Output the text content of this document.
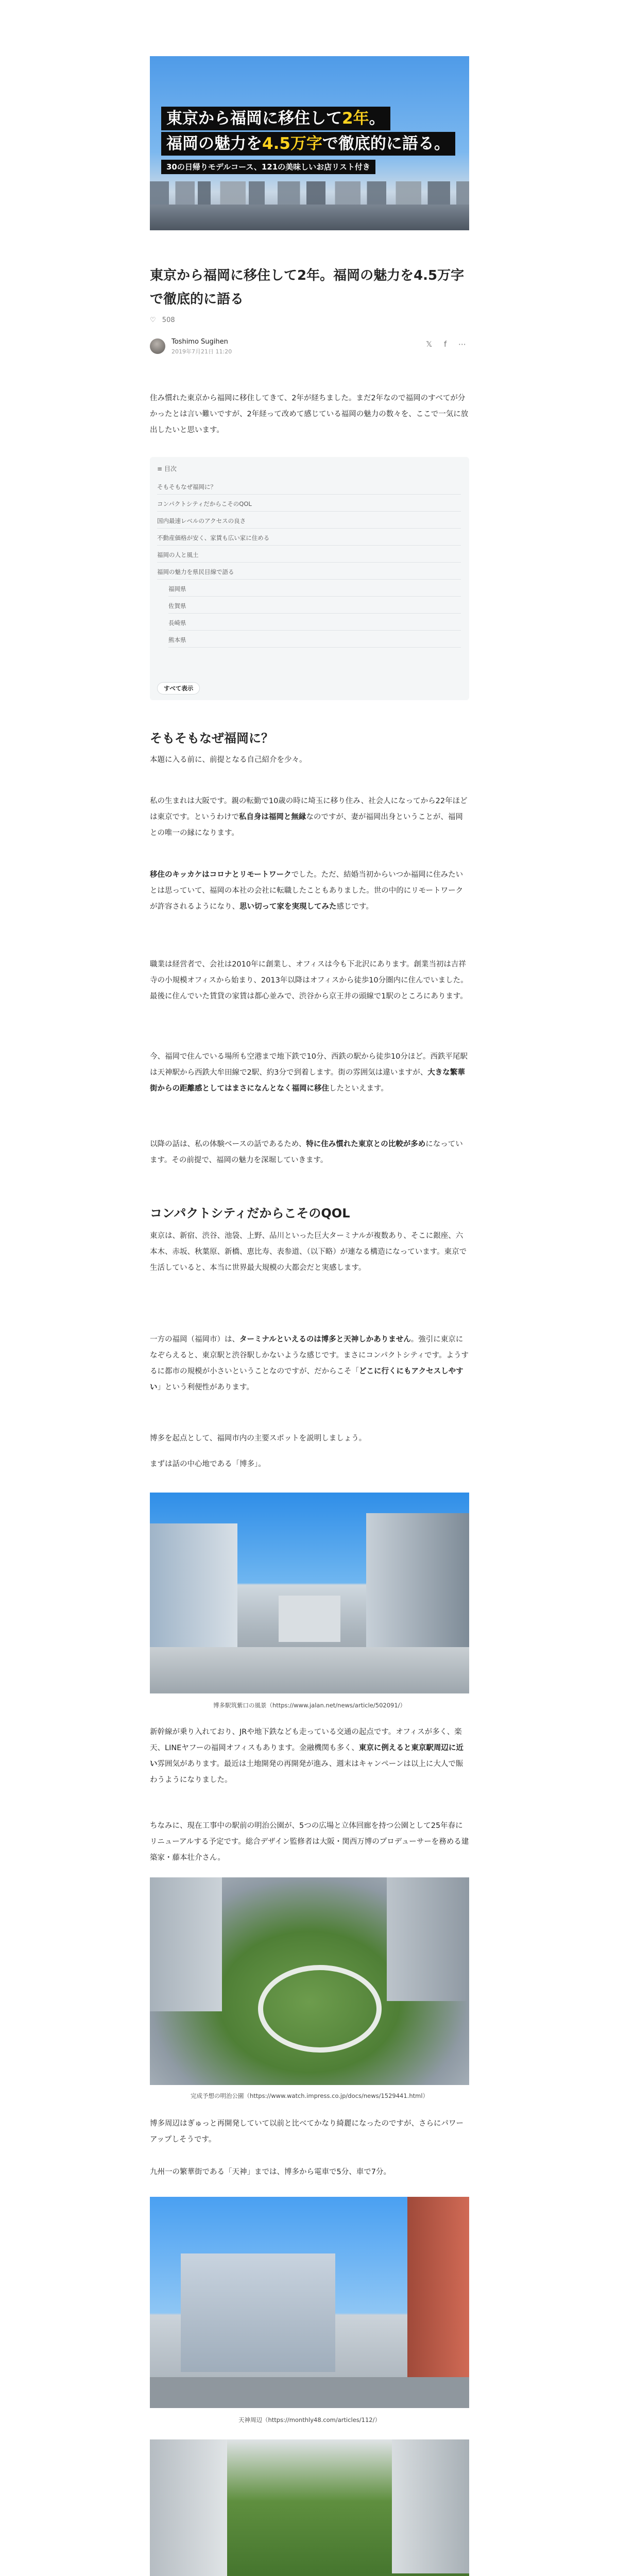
東京から福岡に移住して2年。
福岡の魅力を4.5万字で徹底的に語る。
30の日帰りモデルコース、121の美味しいお店リスト付き
東京から福岡に移住して2年。福岡の魅力を4.5万字で徹底的に語る
♡ 508
Toshimo Sugihen
2019年7月21日 11:20
𝕏 f ⋯

住み慣れた東京から福岡に移住してきて、2年が経ちました。まだ2年なので福岡のすべてが分かったとは言い難いですが、2年経って改めて感じている福岡の魅力の数々を、ここで一気に放出したいと思います。

≡ 目次
そもそもなぜ福岡に？
コンパクトシティだからこそのQOL
国内最速レベルのアクセスの良さ
不動産価格が安く、家賃も広い家に住める
福岡の人と風土
福岡の魅力を県民目線で語る
福岡県
佐賀県
長崎県
熊本県
すべて表示
そもそもなぜ福岡に？

本題に入る前に、前提となる自己紹介を少々。

私の生まれは大阪です。親の転勤で10歳の時に埼玉に移り住み、社会人になってから22年ほどは東京です。というわけで私自身は福岡と無縁なのですが、妻が福岡出身ということが、福岡との唯一の縁になります。

移住のキッカケはコロナとリモートワークでした。ただ、結婚当初からいつか福岡に住みたいとは思っていて、福岡の本社の会社に転職したこともありました。世の中的にリモートワークが許容されるようになり、思い切って家を実現してみた感じです。

職業は経営者で、会社は2010年に創業し、オフィスは今も下北沢にあります。創業当初は吉祥寺の小規模オフィスから始まり、2013年以降はオフィスから徒歩10分圏内に住んでいました。最後に住んでいた賃貸の家賃は都心並みで、渋谷から京王井の頭線で1駅のところにあります。

今、福岡で住んでいる場所も空港まで地下鉄で10分、西鉄の駅から徒歩10分ほど。西鉄平尾駅は天神駅から西鉄大牟田線で2駅、約3分で到着します。街の雰囲気は違いますが、大きな繁華街からの距離感としてはまさになんとなく福岡に移住したといえます。

以降の話は、私の体験ベースの話であるため、特に住み慣れた東京との比較が多めになっています。その前提で、福岡の魅力を深堀していきます。

コンパクトシティだからこそのQOL

東京は、新宿、渋谷、池袋、上野、品川といった巨大ターミナルが複数あり、そこに銀座、六本木、赤坂、秋葉原、新橋、恵比寿、表参道、（以下略）が連なる構造になっています。東京で生活していると、本当に世界最大規模の大都会だと実感します。

一方の福岡（福岡市）は、ターミナルといえるのは博多と天神しかありません。強引に東京になぞらえると、東京駅と渋谷駅しかないような感じです。まさにコンパクトシティです。ようするに都市の規模が小さいということなのですが、だからこそ「どこに行くにもアクセスしやすい」という利便性があります。

博多を起点として、福岡市内の主要スポットを説明しましょう。

まずは話の中心地である「博多」。

博多駅筑紫口の風景（https://www.jalan.net/news/article/502091/）

新幹線が乗り入れており、JRや地下鉄なども走っている交通の起点です。オフィスが多く、楽天、LINEヤフーの福岡オフィスもあります。金融機関も多く、東京に例えると東京駅周辺に近い雰囲気があります。最近は土地開発の再開発が進み、週末はキャンペーンは以上に大人で賑わうようになりました。

ちなみに、現在工事中の駅前の明治公園が、5つの広場と立体回廊を持つ公園として25年春にリニューアルする予定です。総合デザイン監修者は大阪・関西万博のプロデューサーを務める建築家・藤本壮介さん。

完成予想の明治公園（https://www.watch.impress.co.jp/docs/news/1529441.html）

博多周辺はぎゅっと再開発していて以前と比べてかなり綺麗になったのですが、さらにパワーアップしそうです。

九州一の繁華街である「天神」までは、博多から電車で5分、車で7分。

天神周辺（https://monthly48.com/articles/112/）
